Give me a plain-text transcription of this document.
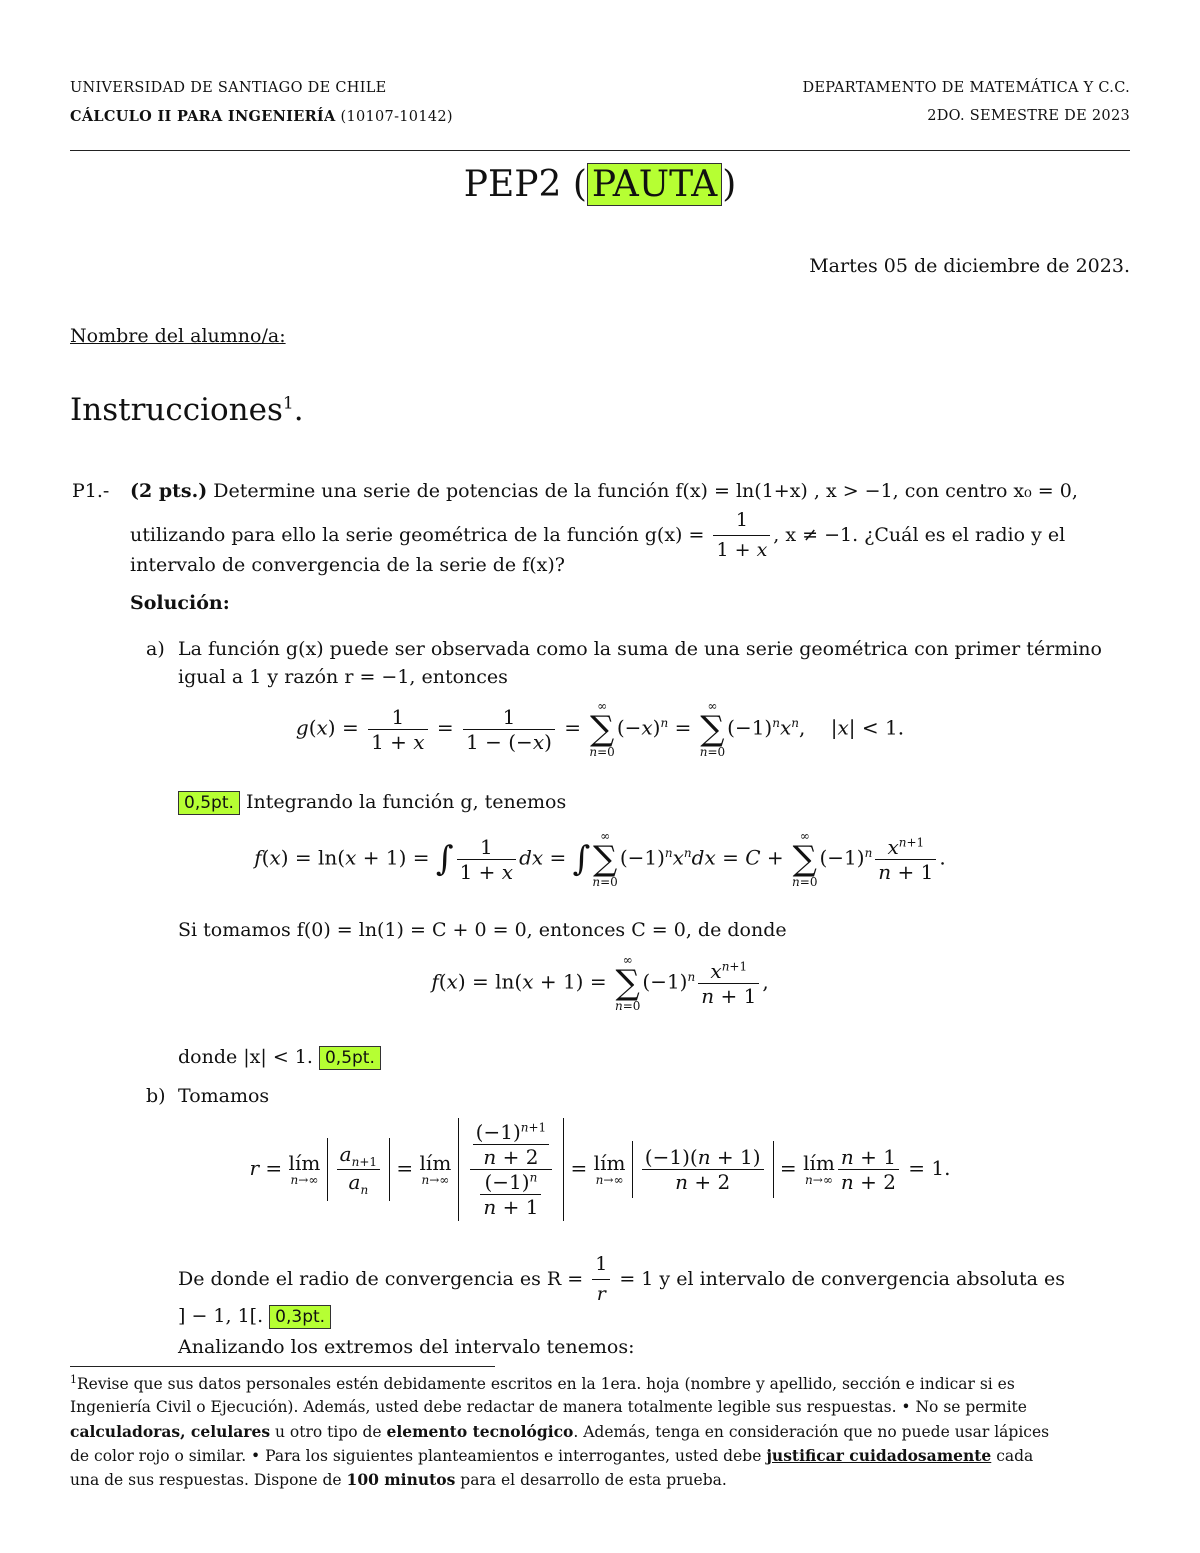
UNIVERSIDAD DE SANTIAGO DE CHILE
CÁLCULO II PARA INGENIERÍA (10107-10142)
DEPARTAMENTO DE MATEMÁTICA Y C.C.
2DO. SEMESTRE DE 2023
PEP2 ( PAUTA )
Martes 05 de diciembre de 2023.
Nombre del alumno/a:
Instrucciones$^1$.
P1.- (2 pts.) Determine una serie de potencias de la función f(x) = ln(1+x) , x > −1, con centro x₀ = 0,
utilizando para ello la serie geométrica de la función $g(x) = \frac{1}{1 + x}$ , x ≠ −1. ¿Cuál es el radio y el
intervalo de convergencia de la serie de f(x)?
Solución:
a) La función g(x) puede ser observada como la suma de una serie geométrica con primer término
igual a 1 y razón r = −1, entonces
$g(x) = \frac{1}{1 + x} = \frac{1}{1 - (-x)}$ =
∞
∑
n=0
$(-x)^n$ =
∞
∑
n=0
$(-1)^nx^n$,    |x| < 1.
0,5pt. Integrando la función g, tenemos
f(x) = ln(x + 1) = ∫ $\frac{1}{1 + x}$ dx = ∫
∞
∑
n=0
$(-1)^nx^ndx = C$ +
∞
∑
n=0
$(-1)^n \frac{x^{n+1}}{n + 1}$ .
Si tomamos f(0) = ln(1) = C + 0 = 0, entonces C = 0, de donde
f(x) = ln(x + 1) =
∞
∑
n=0
$(-1)^n \frac{x^{n+1}}{n + 1}$ ,
donde |x| < 1. 0,5pt.
b) Tomamos
r = lím
n→∞
$\frac{a_{n+1}}{a_n}$ = lím
n→∞
$\frac{\frac{(-1)^{n+1}}{n + 2}}{\frac{(-1)^n}{n + 1}}$ = lím
n→∞
$\frac{(-1)(n + 1)}{n + 2}$ = lím
$n\to\infty \frac{n + 1}{n + 2} = 1$.
De donde el radio de convergencia es $R = \frac{1}{r} = 1$ y el intervalo de convergencia absoluta es
] − 1, 1[. 0,3pt.
Analizando los extremos del intervalo tenemos:
$^1$Revise que sus datos personales estén debidamente escritos en la 1era. hoja (nombre y apellido, sección e indicar si es
Ingeniería Civil o Ejecución). Además, usted debe redactar de manera totalmente legible sus respuestas. • No se permite
calculadoras, celulares u otro tipo de elemento tecnológico. Además, tenga en consideración que no puede usar lápices
de color rojo o similar. • Para los siguientes planteamientos e interrogantes, usted debe justificar cuidadosamente cada
una de sus respuestas. Dispone de 100 minutos para el desarrollo de esta prueba.
